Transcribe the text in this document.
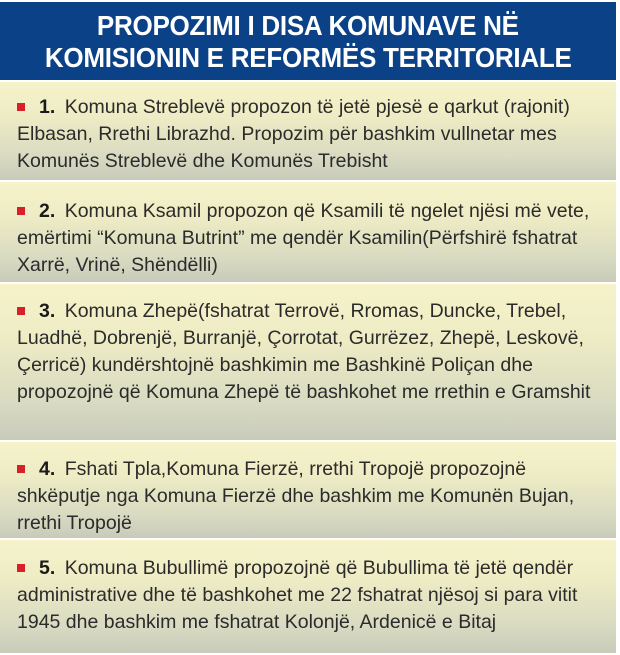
PROPOZIMI I DISA KOMUNAVE NË
KOMISIONIN E REFORMËS TERRITORIALE
1. Komuna Streblevë propozon të jetë pjesë e qarkut (rajonit) Elbasan, Rrethi Librazhd. Propozim për bashkim vullnetar mes Komunës Streblevë dhe Komunës Trebisht
2. Komuna Ksamil propozon që Ksamili të ngelet njësi më vete, emërtimi “Komuna Butrint” me qendër Ksamilin(Përfshirë fshatrat Xarrë, Vrinë, Shëndëlli)
3. Komuna Zhepë(fshatrat Terrovë, Rromas, Duncke, Trebel, Luadhë, Dobrenjë, Burranjë, Çorrotat, Gurrëzez, Zhepë, Leskovë, Çerricë) kundërshtojnë bashkimin me Bashkinë Poliçan dhe propozojnë që Komuna Zhepë të bashkohet me rrethin e Gramshit
4. Fshati Tpla,Komuna Fierzë, rrethi Tropojë propozojnë shkëputje nga Komuna Fierzë dhe bashkim me Komunën Bujan, rrethi Tropojë
5. Komuna Bubullimë propozojnë që Bubullima të jetë qendër administrative dhe të bashkohet me 22 fshatrat njësoj si para vitit 1945 dhe bashkim me fshatrat Kolonjë, Ardenicë e Bitaj
